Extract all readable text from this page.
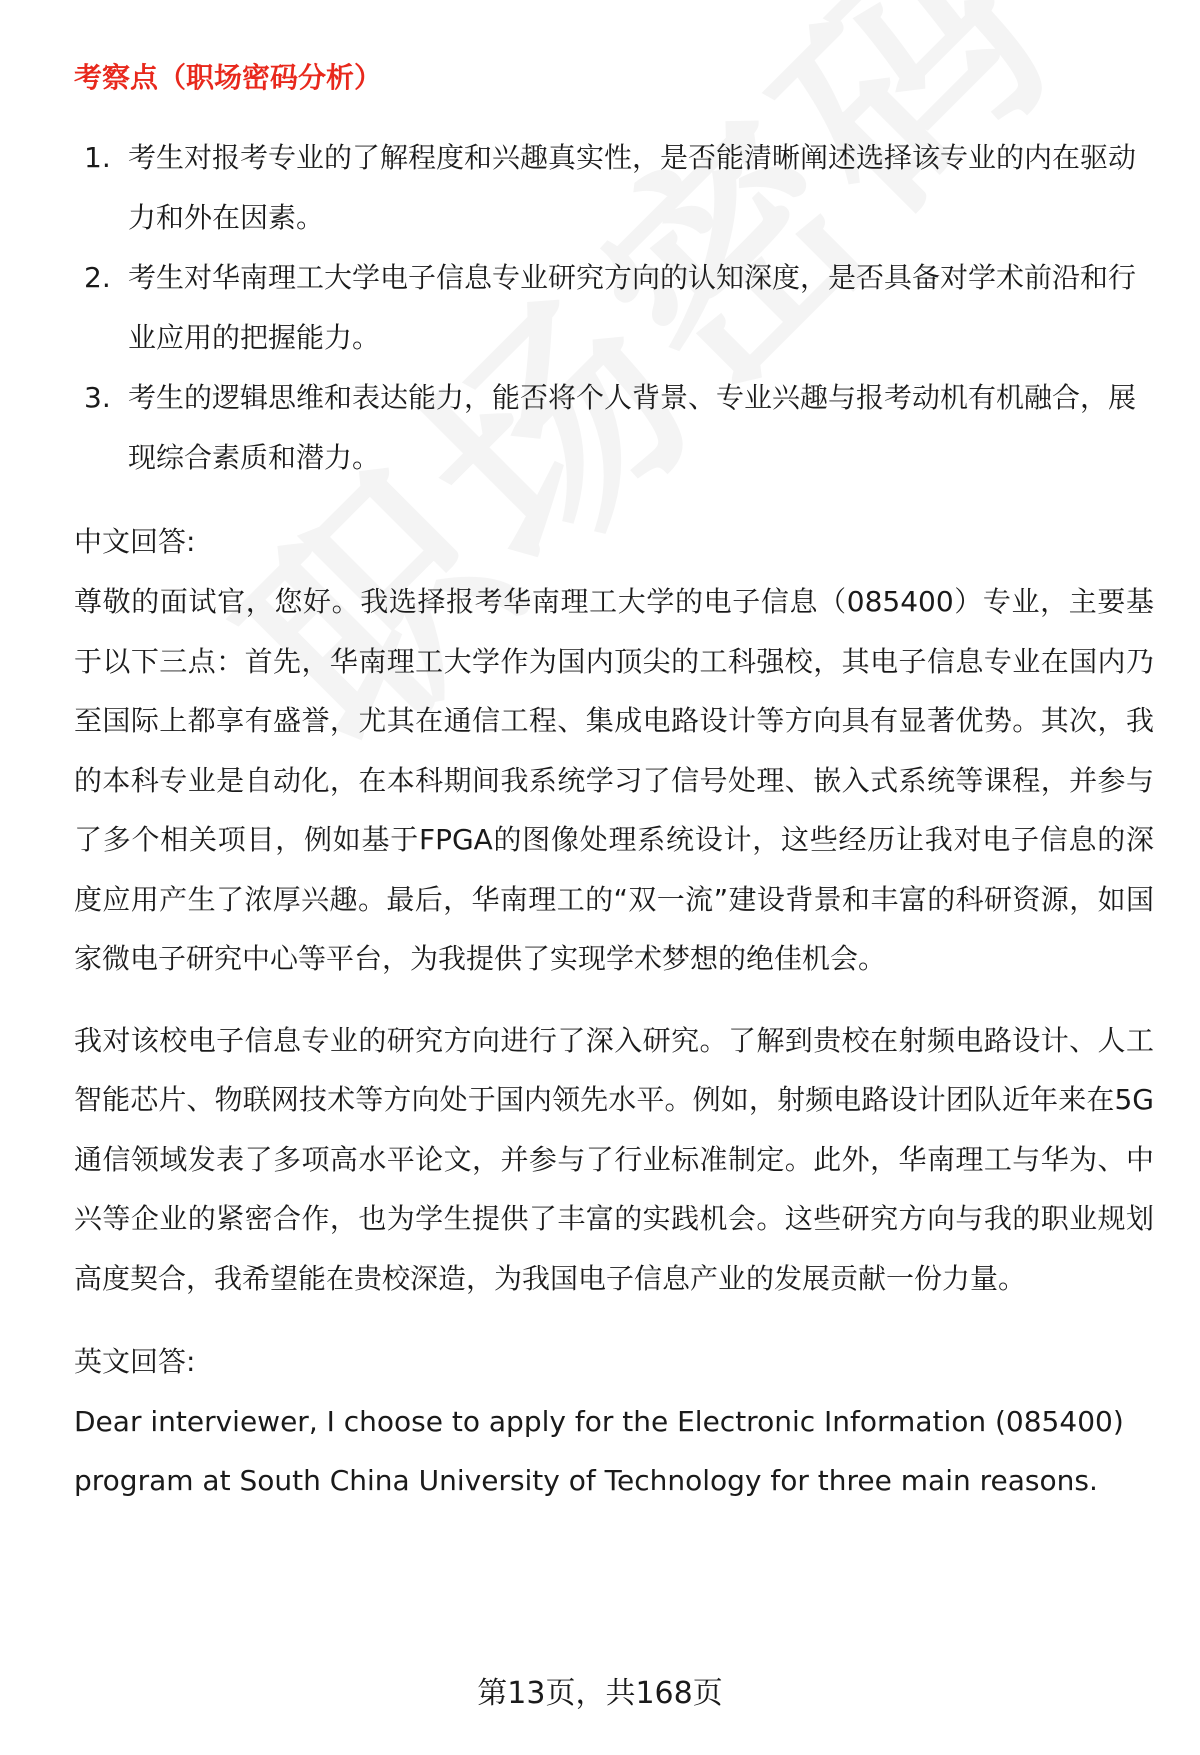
考察点（职场密码分析）
1. 考生对报考专业的了解程度和兴趣真实性，是否能清晰阐述选择该专业的内在驱动力和外在因素。
2. 考生对华南理工大学电子信息专业研究方向的认知深度，是否具备对学术前沿和行业应用的把握能力。
3. 考生的逻辑思维和表达能力，能否将个人背景、专业兴趣与报考动机有机融合，展现综合素质和潜力。
中文回答:

尊敬的面试官，您好。我选择报考华南理工大学的电子信息（085400）专业，主要基于以下三点：首先，华南理工大学作为国内顶尖的工科强校，其电子信息专业在国内乃至国际上都享有盛誉，尤其在通信工程、集成电路设计等方向具有显著优势。其次，我的本科专业是自动化，在本科期间我系统学习了信号处理、嵌入式系统等课程，并参与了多个相关项目，例如基于FPGA的图像处理系统设计，这些经历让我对电子信息的深度应用产生了浓厚兴趣。最后，华南理工的“双一流”建设背景和丰富的科研资源，如国家微电子研究中心等平台，为我提供了实现学术梦想的绝佳机会。

我对该校电子信息专业的研究方向进行了深入研究。了解到贵校在射频电路设计、人工智能芯片、物联网技术等方向处于国内领先水平。例如，射频电路设计团队近年来在5G通信领域发表了多项高水平论文，并参与了行业标准制定。此外，华南理工与华为、中兴等企业的紧密合作，也为学生提供了丰富的实践机会。这些研究方向与我的职业规划高度契合，我希望能在贵校深造，为我国电子信息产业的发展贡献一份力量。

英文回答:

Dear interviewer, I choose to apply for the Electronic Information (085400) program at South China University of Technology for three main reasons.

第13页，共168页
